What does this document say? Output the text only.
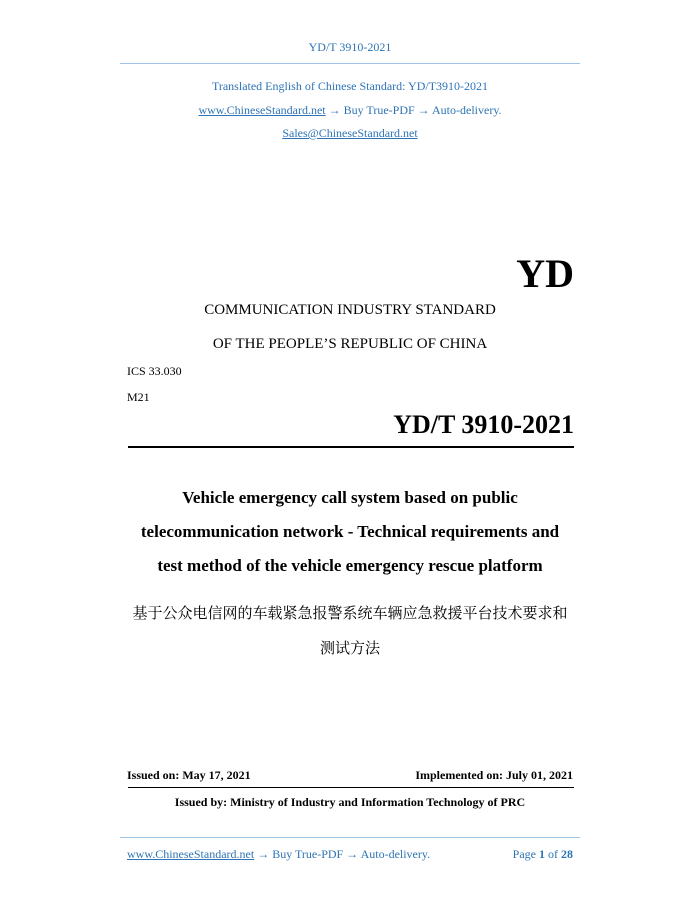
YD/T 3910-2021
Translated English of Chinese Standard: YD/T3910-2021
www.ChineseStandard.net → Buy True-PDF → Auto-delivery.
Sales@ChineseStandard.net
YD
COMMUNICATION INDUSTRY STANDARD
OF THE PEOPLE’S REPUBLIC OF CHINA
ICS 33.030
M21
YD/T 3910-2021
Vehicle emergency call system based on public
telecommunication network - Technical requirements and
test method of the vehicle emergency rescue platform
基于公众电信网的车载紧急报警系统车辆应急救援平台技术要求和
测试方法
Issued on: May 17, 2021	Implemented on: July 01, 2021
Issued by: Ministry of Industry and Information Technology of PRC
www.ChineseStandard.net → Buy True-PDF → Auto-delivery.	Page 1 of 28
